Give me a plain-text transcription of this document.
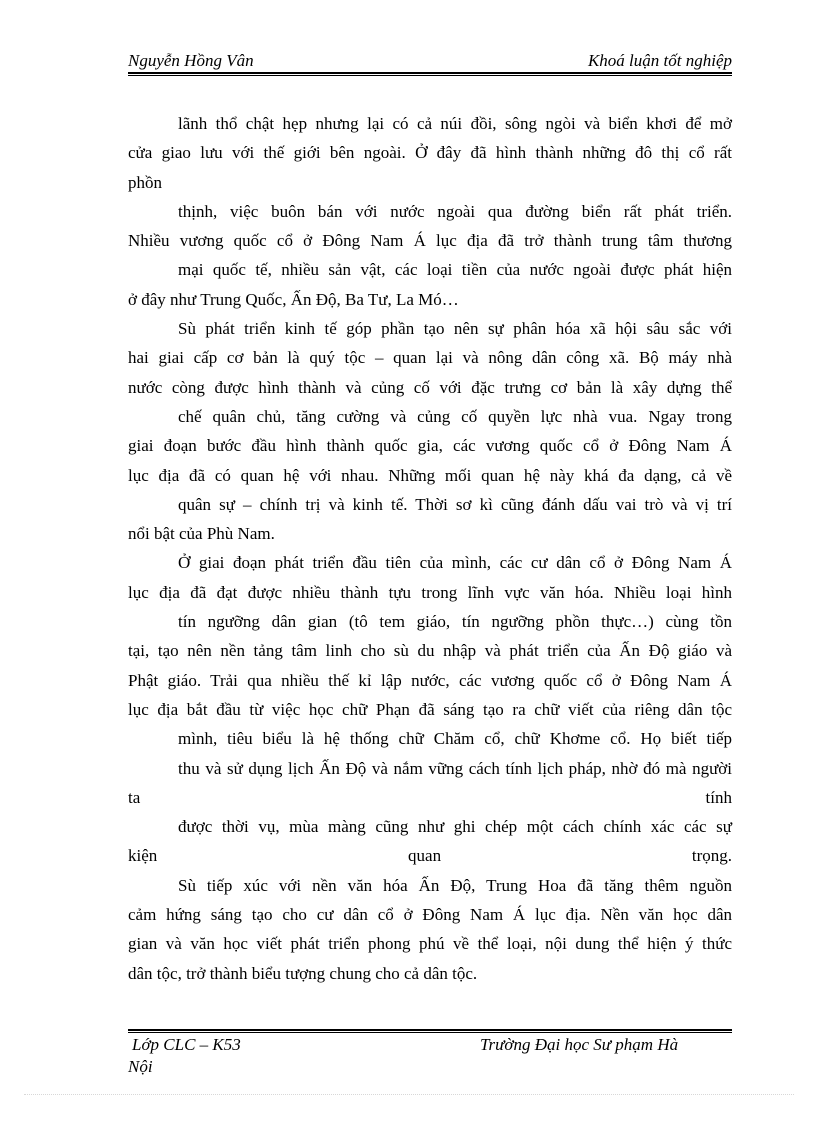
Nguyễn Hồng Vân	Khoá luận tốt nghiệp
lãnh thổ chật hẹp nhưng lại có cả núi đồi, sông ngòi và biển khơi để mở
cửa giao lưu với thế giới bên ngoài. Ở đây đã hình thành những đô thị cổ rất
phồn
thịnh, việc buôn bán với nước ngoài qua đường biển rất phát triển.
Nhiều vương quốc cổ ở Đông Nam Á lục địa đã trở thành trung tâm thương
mại quốc tế, nhiều sản vật, các loại tiền của nước ngoài được phát hiện
ở đây như Trung Quốc, Ấn Độ, Ba Tư, La Mó…
Sù phát triển kinh tế góp phần tạo nên sự phân hóa xã hội sâu sắc với
hai giai cấp cơ bản là quý tộc – quan lại và nông dân công xã. Bộ máy nhà
nước còng được hình thành và củng cố với đặc trưng cơ bản là xây dựng thể
chế quân chủ, tăng cường và củng cố quyền lực nhà vua. Ngay trong
giai đoạn bước đầu hình thành quốc gia, các vương quốc cổ ở Đông Nam Á
lục địa đã có quan hệ với nhau. Những mối quan hệ này khá đa dạng, cả về
quân sự – chính trị và kinh tế. Thời sơ kì cũng đánh dấu vai trò và vị trí
nổi bật của Phù Nam.
Ở giai đoạn phát triển đầu tiên của mình, các cư dân cổ ở Đông Nam Á
lục địa đã đạt được nhiều thành tựu trong lĩnh vực văn hóa. Nhiều loại hình
tín ngưỡng dân gian (tô tem giáo, tín ngưỡng phồn thực…) cùng tồn
tại, tạo nên nền tảng tâm linh cho sù du nhập và phát triển của Ấn Độ giáo và
Phật giáo. Trải qua nhiều thế kỉ lập nước, các vương quốc cổ ở Đông Nam Á
lục địa bắt đầu từ việc học chữ Phạn đã sáng tạo ra chữ viết của riêng dân tộc
mình, tiêu biểu là hệ thống chữ Chăm cổ, chữ Khơme cổ. Họ biết tiếp
thu và sử dụng lịch Ấn Độ và nắm vững cách tính lịch pháp, nhờ đó mà người
ta tính
được thời vụ, mùa màng cũng như ghi chép một cách chính xác các sự
kiện quan trọng.
Sù tiếp xúc với nền văn hóa Ấn Độ, Trung Hoa đã tăng thêm nguồn
cảm hứng sáng tạo cho cư dân cổ ở Đông Nam Á lục địa. Nền văn học dân
gian và văn học viết phát triển phong phú về thể loại, nội dung thể hiện ý thức
dân tộc, trở thành biểu tượng chung cho cả dân tộc.
Lớp CLC – K53	Trường Đại học Sư phạm Hà
Nội
